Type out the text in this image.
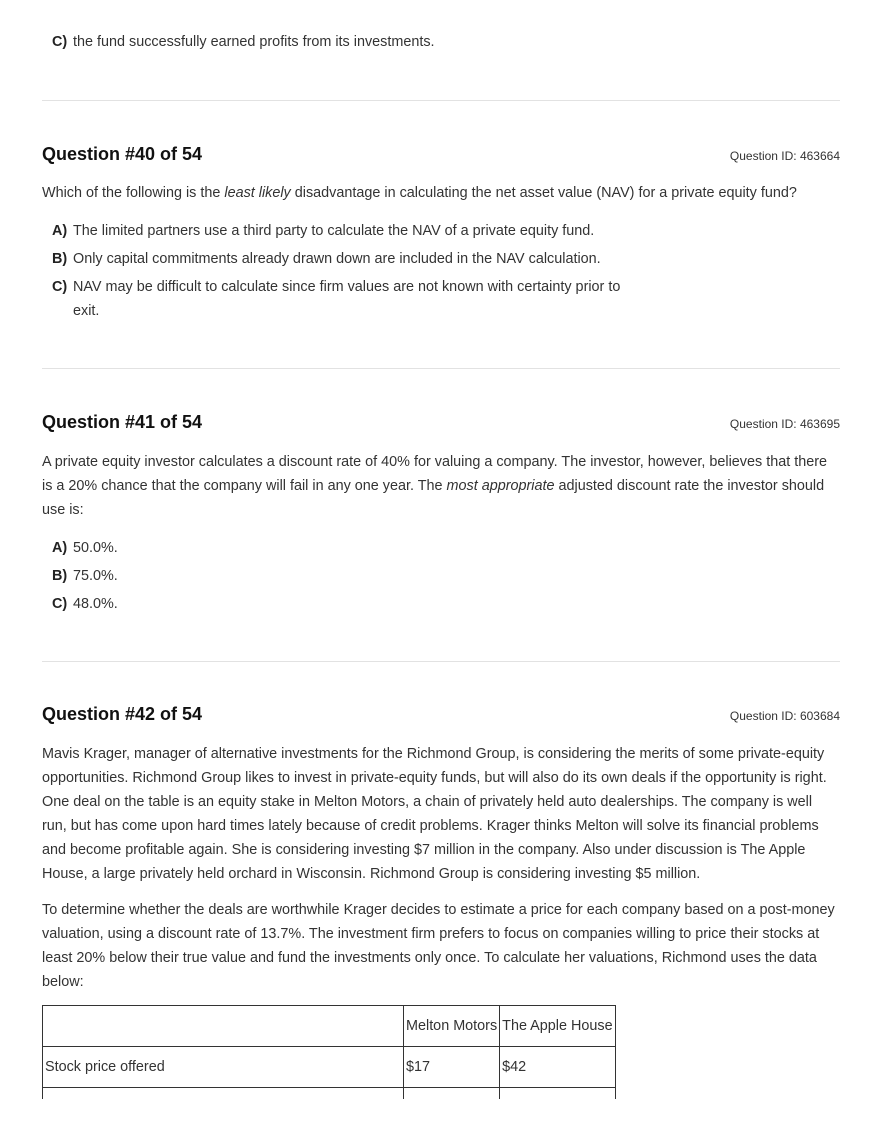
C) the fund successfully earned profits from its investments.
Question #40 of 54	Question ID: 463664
Which of the following is the least likely disadvantage in calculating the net asset value (NAV) for a private equity fund?
A) The limited partners use a third party to calculate the NAV of a private equity fund.
B) Only capital commitments already drawn down are included in the NAV calculation.
C) NAV may be difficult to calculate since firm values are not known with certainty prior to exit.
Question #41 of 54	Question ID: 463695
A private equity investor calculates a discount rate of 40% for valuing a company. The investor, however, believes that there is a 20% chance that the company will fail in any one year. The most appropriate adjusted discount rate the investor should use is:
A) 50.0%.
B) 75.0%.
C) 48.0%.
Question #42 of 54	Question ID: 603684
Mavis Krager, manager of alternative investments for the Richmond Group, is considering the merits of some private-equity opportunities. Richmond Group likes to invest in private-equity funds, but will also do its own deals if the opportunity is right. One deal on the table is an equity stake in Melton Motors, a chain of privately held auto dealerships. The company is well run, but has come upon hard times lately because of credit problems. Krager thinks Melton will solve its financial problems and become profitable again. She is considering investing $7 million in the company. Also under discussion is The Apple House, a large privately held orchard in Wisconsin. Richmond Group is considering investing $5 million.
To determine whether the deals are worthwhile Krager decides to estimate a price for each company based on a post-money valuation, using a discount rate of 13.7%. The investment firm prefers to focus on companies willing to price their stocks at least 20% below their true value and fund the investments only once. To calculate her valuations, Richmond uses the data below:
	Melton Motors	The Apple House
Stock price offered	$17	$42
